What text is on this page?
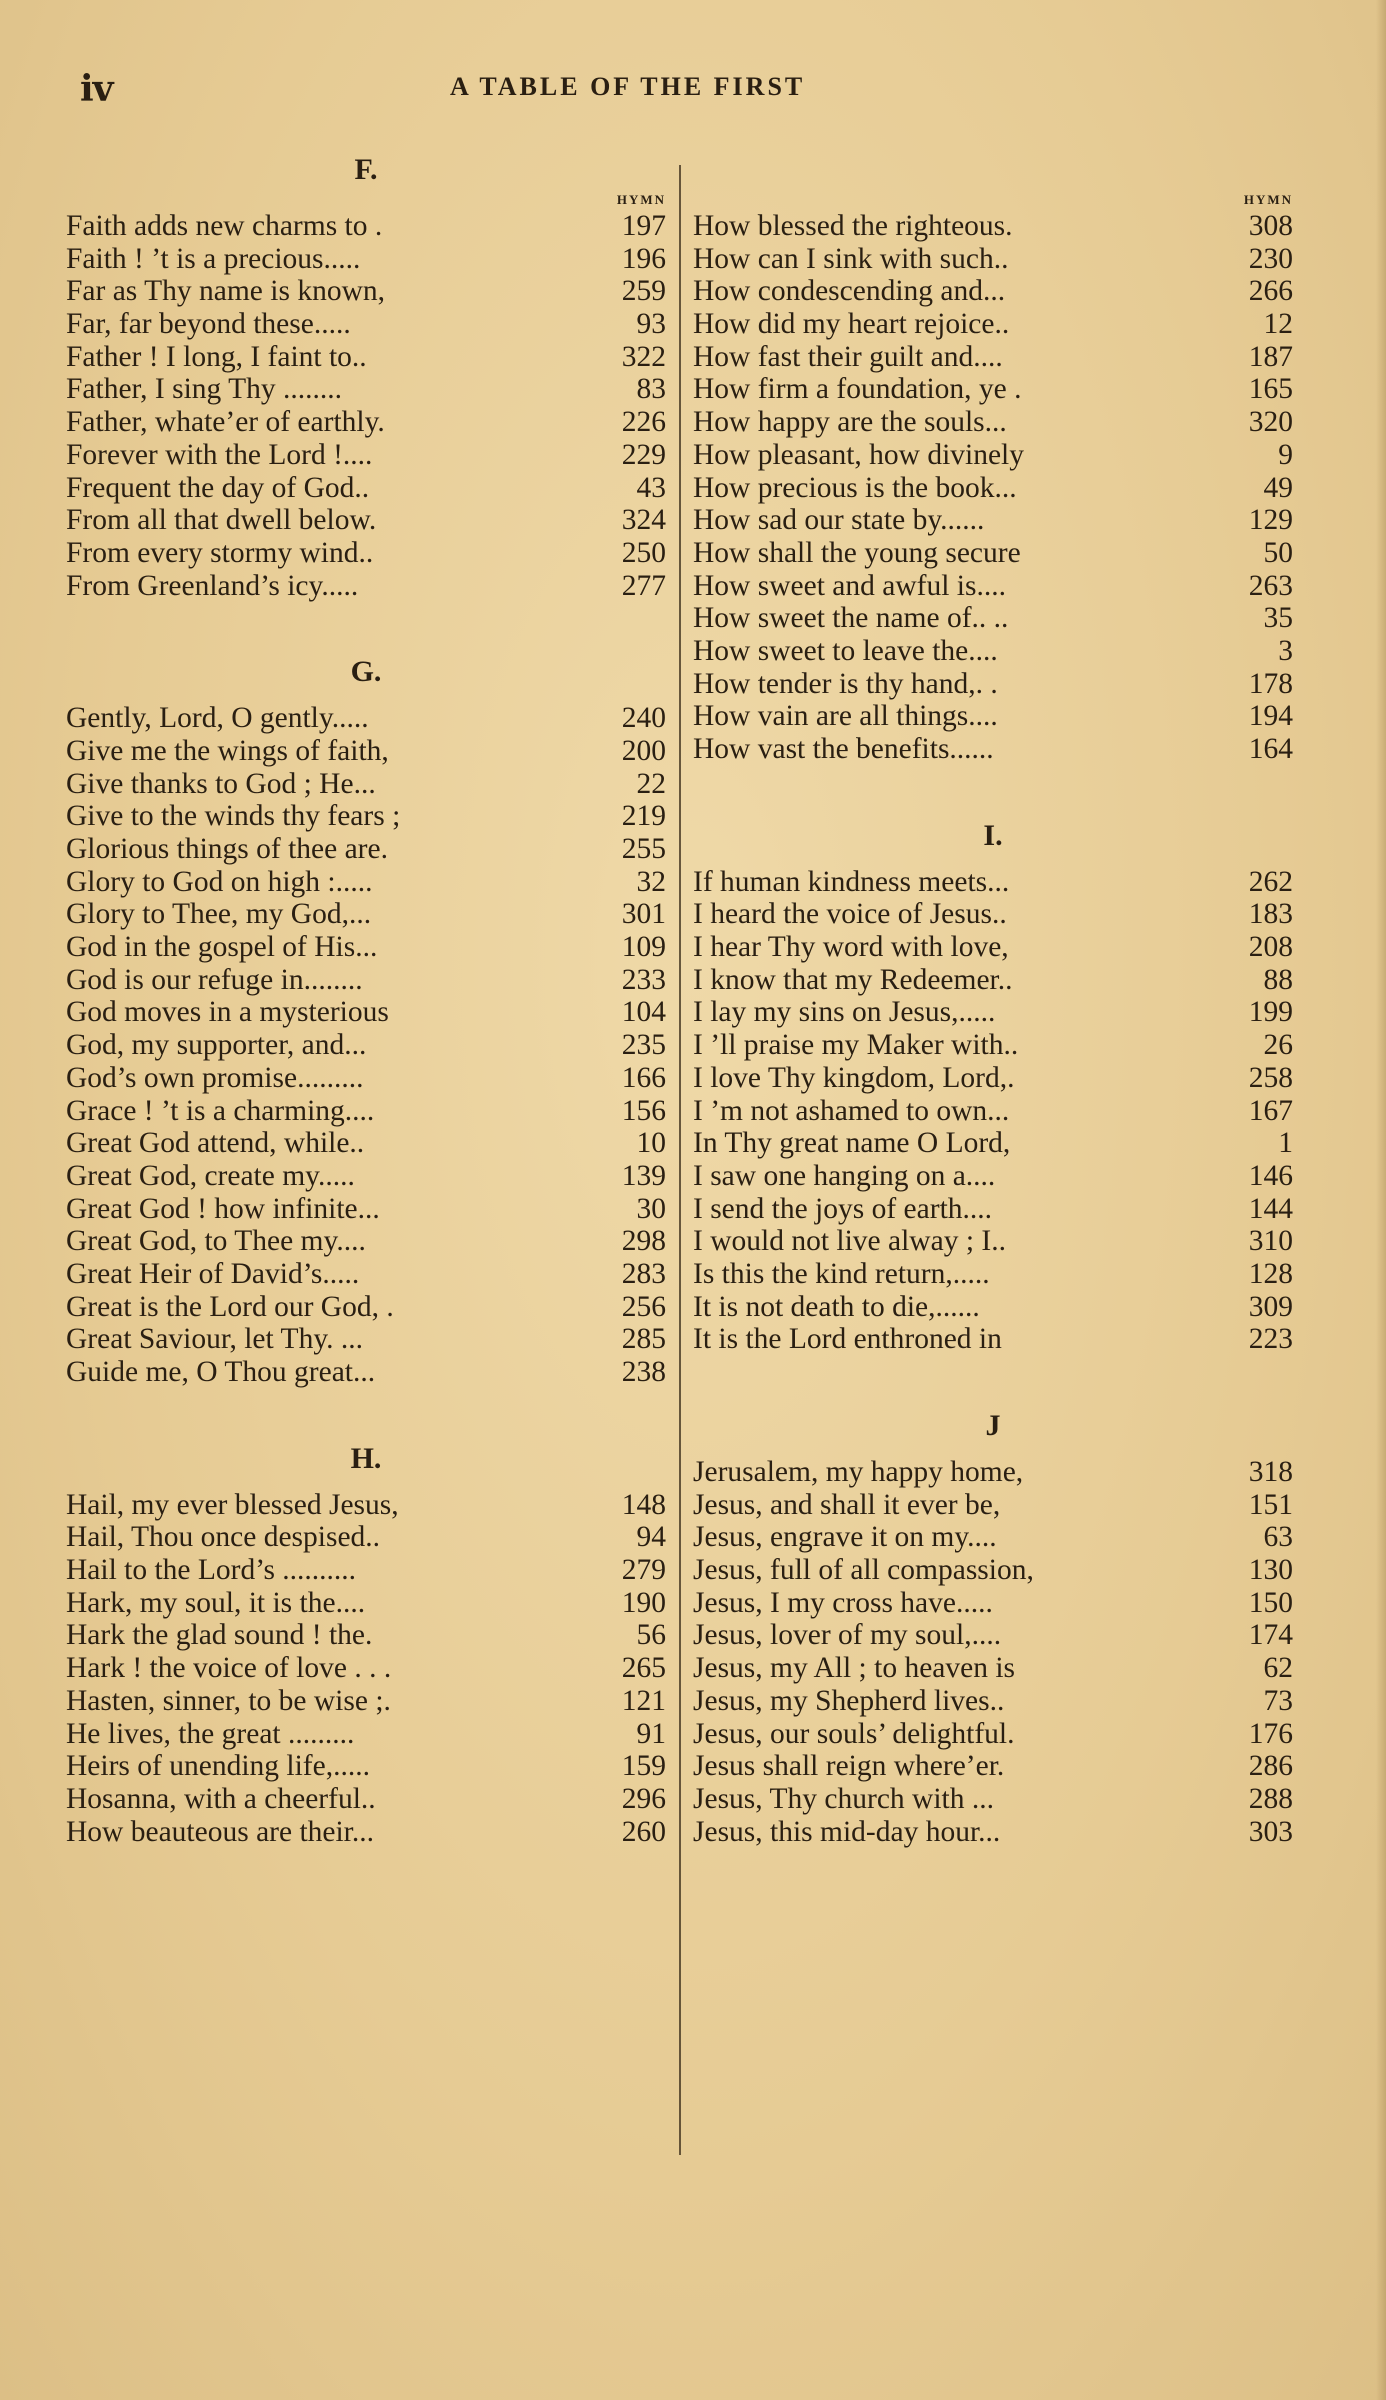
iv	A TABLE OF THE FIRST
F.
HYMN
Faith adds new charms to .	197
Faith ! ’t is a precious.....	196
Far as Thy name is known,	259
Far, far beyond these.....	93
Father ! I long, I faint to..	322
Father, I sing Thy ........	83
Father, whate’er of earthly.	226
Forever with the Lord !....	229
Frequent the day of God..	43
From all that dwell below.	324
From every stormy wind..	250
From Greenland’s icy.....	277
G.
Gently, Lord, O gently.....	240
Give me the wings of faith,	200
Give thanks to God ; He...	22
Give to the winds thy fears ;	219
Glorious things of thee are.	255
Glory to God on high :.....	32
Glory to Thee, my God,...	301
God in the gospel of His...	109
God is our refuge in........	233
God moves in a mysterious	104
God, my supporter, and...	235
God’s own promise.........	166
Grace ! ’t is a charming....	156
Great God attend, while..	10
Great God, create my.....	139
Great God ! how infinite...	30
Great God, to Thee my....	298
Great Heir of David’s.....	283
Great is the Lord our God, .	256
Great Saviour, let Thy. ...	285
Guide me, O Thou great...	238
H.
Hail, my ever blessed Jesus,	148
Hail, Thou once despised..	94
Hail to the Lord’s ..........	279
Hark, my soul, it is the....	190
Hark the glad sound ! the.	56
Hark ! the voice of love . . .	265
Hasten, sinner, to be wise ;.	121
He lives, the great .........	91
Heirs of unending life,.....	159
Hosanna, with a cheerful..	296
How beauteous are their...	260
HYMN
How blessed the righteous.	308
How can I sink with such..	230
How condescending and...	266
How did my heart rejoice..	12
How fast their guilt and....	187
How firm a foundation, ye .	165
How happy are the souls...	320
How pleasant, how divinely	9
How precious is the book...	49
How sad our state by......	129
How shall the young secure	50
How sweet and awful is....	263
How sweet the name of.. ..	35
How sweet to leave the....	3
How tender is thy hand,. .	178
How vain are all things....	194
How vast the benefits......	164
I.
If human kindness meets...	262
I heard the voice of Jesus..	183
I hear Thy word with love,	208
I know that my Redeemer..	88
I lay my sins on Jesus,.....	199
I ’ll praise my Maker with..	26
I love Thy kingdom, Lord,.	258
I ’m not ashamed to own...	167
In Thy great name O Lord,	1
I saw one hanging on a....	146
I send the joys of earth....	144
I would not live alway ; I..	310
Is this the kind return,.....	128
It is not death to die,......	309
It is the Lord enthroned in	223
J
Jerusalem, my happy home,	318
Jesus, and shall it ever be,	151
Jesus, engrave it on my....	63
Jesus, full of all compassion,	130
Jesus, I my cross have.....	150
Jesus, lover of my soul,....	174
Jesus, my All ; to heaven is	62
Jesus, my Shepherd lives..	73
Jesus, our souls’ delightful.	176
Jesus shall reign where’er.	286
Jesus, Thy church with ...	288
Jesus, this mid-day hour...	303
